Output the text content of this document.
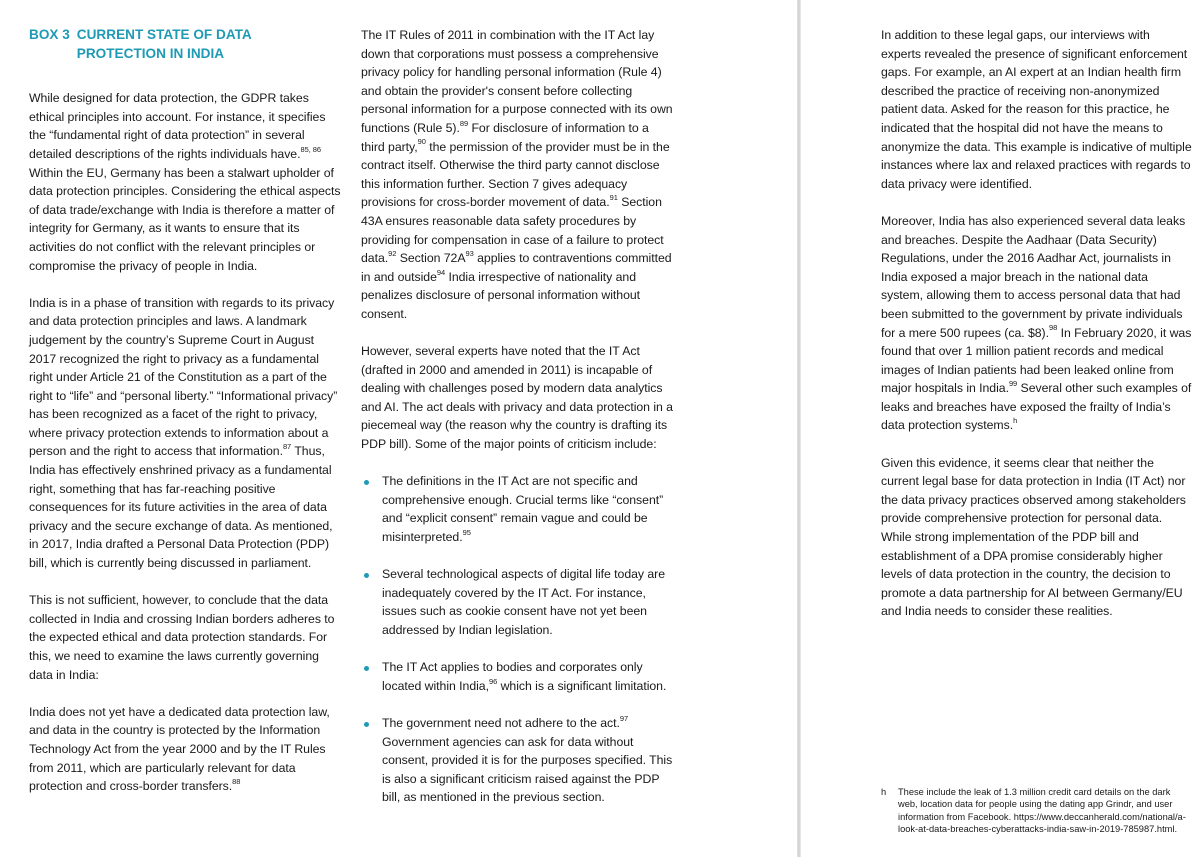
BOX 3 CURRENT STATE OF DATA PROTECTION IN INDIA

While designed for data protection, the GDPR takes ethical principles into account. For instance, it specifies the “fundamental right of data protection” in several detailed descriptions of the rights individuals have.$^{85, 86}$ Within the EU, Germany has been a stalwart upholder of data protection principles. Considering the ethical aspects of data trade/exchange with India is therefore a matter of integrity for Germany, as it wants to ensure that its activities do not conflict with the relevant principles or compromise the privacy of people in India.

India is in a phase of transition with regards to its privacy and data protection principles and laws. A landmark judgement by the country’s Supreme Court in August 2017 recognized the right to privacy as a fundamental right under Article 21 of the Constitution as a part of the right to “life” and “personal liberty.” “Informational privacy” has been recognized as a facet of the right to privacy, where privacy protection extends to information about a person and the right to access that information.$^{87}$ Thus, India has effectively enshrined privacy as a fundamental right, something that has far-reaching positive consequences for its future activities in the area of data privacy and the secure exchange of data. As mentioned, in 2017, India drafted a Personal Data Protection (PDP) bill, which is currently being discussed in parliament.

This is not sufficient, however, to conclude that the data collected in India and crossing Indian borders adheres to the expected ethical and data protection standards. For this, we need to examine the laws currently governing data in India:

India does not yet have a dedicated data protection law, and data in the country is protected by the Information Technology Act from the year 2000 and by the IT Rules from 2011, which are particularly relevant for data protection and cross-border transfers.$^{88}$

The IT Rules of 2011 in combination with the IT Act lay down that corporations must possess a comprehensive privacy policy for handling personal information (Rule 4) and obtain the provider's consent before collecting personal information for a purpose connected with its own functions (Rule 5).$^{89}$ For disclosure of information to a third party,$^{90}$ the permission of the provider must be in the contract itself. Otherwise the third party cannot disclose this information further. Section 7 gives adequacy provisions for cross-border movement of data.$^{91}$ Section 43A ensures reasonable data safety procedures by providing for compensation in case of a failure to protect data.$^{92}$ Section $72A^{93}$ applies to contraventions committed in and outside$^{94}$ India irrespective of nationality and penalizes disclosure of personal information without consent.

However, several experts have noted that the IT Act (drafted in 2000 and amended in 2011) is incapable of dealing with challenges posed by modern data analytics and AI. The act deals with privacy and data protection in a piecemeal way (the reason why the country is drafting its PDP bill). Some of the major points of criticism include:

The definitions in the IT Act are not specific and comprehensive enough. Crucial terms like “consent” and “explicit consent” remain vague and could be misinterpreted.$^{95}$
Several technological aspects of digital life today are inadequately covered by the IT Act. For instance, issues such as cookie consent have not yet been addressed by Indian legislation.
The IT Act applies to bodies and corporates only located within India,$^{96}$ which is a significant limitation.
The government need not adhere to the act.$^{97}$ Government agencies can ask for data without consent, provided it is for the purposes specified. This is also a significant criticism raised against the PDP bill, as mentioned in the previous section.

In addition to these legal gaps, our interviews with experts revealed the presence of significant enforcement gaps. For example, an AI expert at an Indian health firm described the practice of receiving non-anonymized patient data. Asked for the reason for this practice, he indicated that the hospital did not have the means to anonymize the data. This example is indicative of multiple instances where lax and relaxed practices with regards to data privacy were identified.

Moreover, India has also experienced several data leaks and breaches. Despite the Aadhaar (Data Security) Regulations, under the 2016 Aadhar Act, journalists in India exposed a major breach in the national data system, allowing them to access personal data that had been submitted to the government by private individuals for a mere 500 rupees (ca. $8).$^{98}$ In February 2020, it was found that over 1 million patient records and medical images of Indian patients had been leaked online from major hospitals in India.$^{99}$ Several other such examples of leaks and breaches have exposed the frailty of India’s data protection systems.$^h$

Given this evidence, it seems clear that neither the current legal base for data protection in India (IT Act) nor the data privacy practices observed among stakeholders provide comprehensive protection for personal data. While strong implementation of the PDP bill and establishment of a DPA promise considerably higher levels of data protection in the country, the decision to promote a data partnership for AI between Germany/EU and India needs to consider these realities.

h	These include the leak of 1.3 million credit card details on the dark web, location data for people using the dating app Grindr, and user information from Facebook. https://www.deccanherald.com/national/a-look-at-data-breaches-cyberattacks-india-saw-in-2019-785987.html.
